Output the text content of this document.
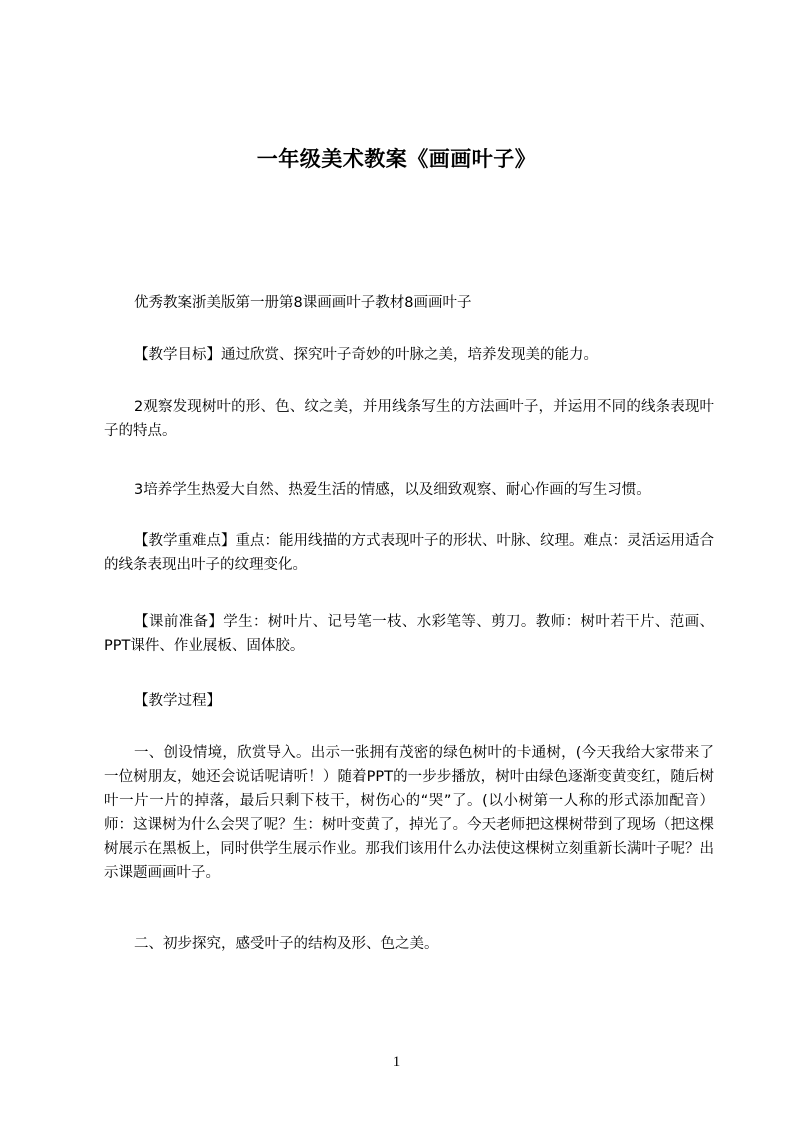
一年级美术教案《画画叶子》
优秀教案浙美版第一册第8课画画叶子教材8画画叶子
【教学目标】通过欣赏、探究叶子奇妙的叶脉之美，培养发现美的能力。
2观察发现树叶的形、色、纹之美，并用线条写生的方法画叶子，并运用不同的线条表现叶子的特点。
3培养学生热爱大自然、热爱生活的情感，以及细致观察、耐心作画的写生习惯。
【教学重难点】重点：能用线描的方式表现叶子的形状、叶脉、纹理。难点：灵活运用适合的线条表现出叶子的纹理变化。
【课前准备】学生：树叶片、记号笔一枝、水彩笔等、剪刀。教师：树叶若干片、范画、PPT课件、作业展板、固体胶。
【教学过程】
一、创设情境，欣赏导入。出示一张拥有茂密的绿色树叶的卡通树，(今天我给大家带来了一位树朋友，她还会说话呢请听！）随着PPT的一步步播放，树叶由绿色逐渐变黄变红，随后树叶一片一片的掉落，最后只剩下枝干，树伤心的“哭”了。(以小树第一人称的形式添加配音）师：这课树为什么会哭了呢？生：树叶变黄了，掉光了。今天老师把这棵树带到了现场（把这棵树展示在黑板上，同时供学生展示作业。那我们该用什么办法使这棵树立刻重新长满叶子呢？出示课题画画叶子。
二、初步探究，感受叶子的结构及形、色之美。
1
